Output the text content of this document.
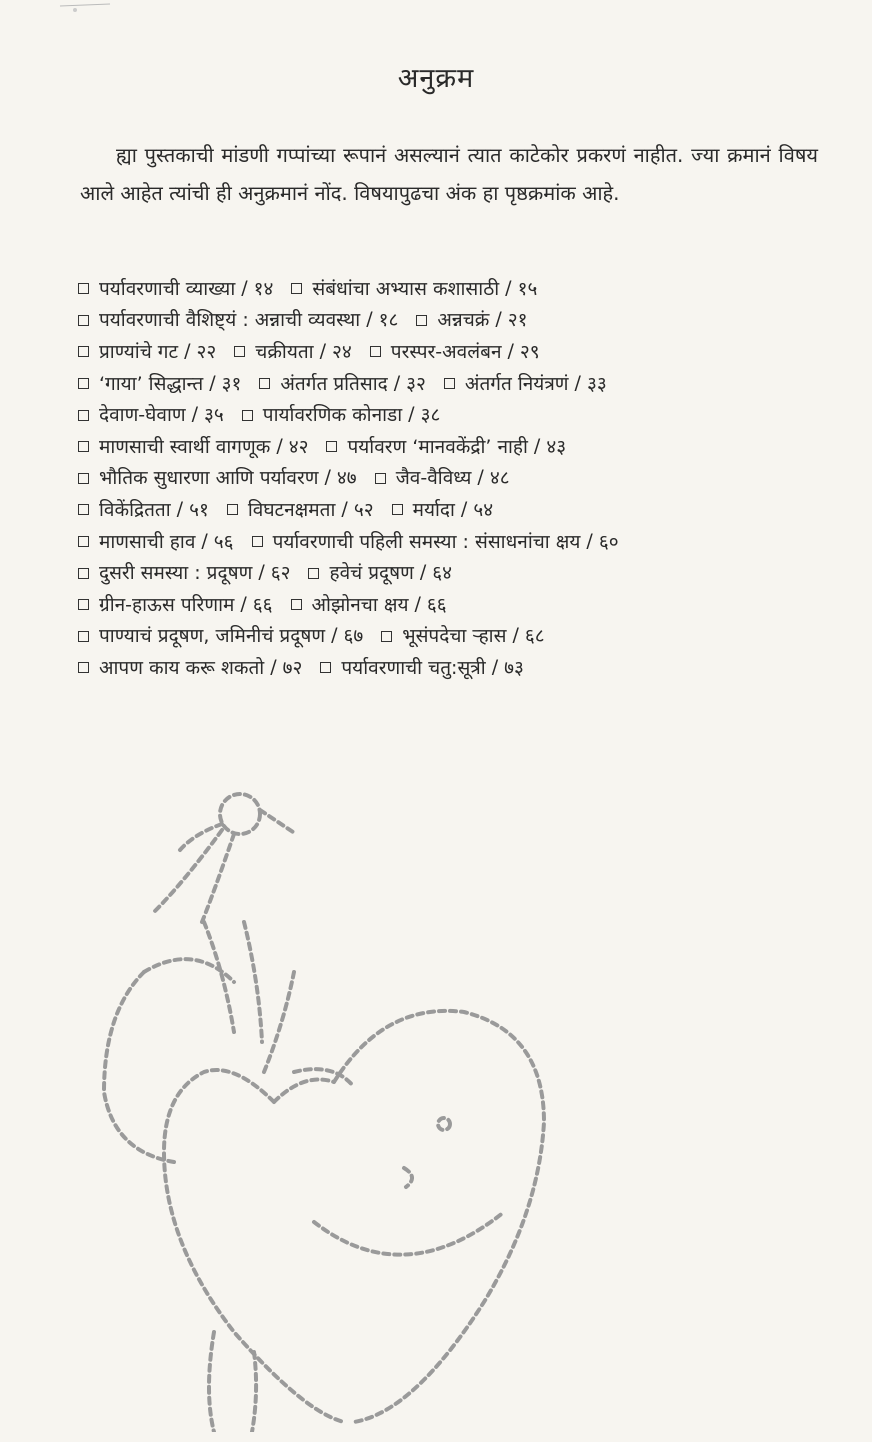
अनुक्रम

ह्या पुस्तकाची मांडणी गप्पांच्या रूपानं असल्यानं त्यात काटेकोर प्रकरणं नाहीत. ज्या क्रमानं विषय आले आहेत त्यांची ही अनुक्रमानं नोंद. विषयापुढचा अंक हा पृष्ठक्रमांक आहे.

पर्यावरणाची व्याख्या / १४ संबंधांचा अभ्यास कशासाठी / १५
पर्यावरणाची वैशिष्ट्यं : अन्नाची व्यवस्था / १८ अन्नचक्रं / २१
प्राण्यांचे गट / २२ चक्रीयता / २४ परस्पर-अवलंबन / २९
‘गाया’ सिद्धान्त / ३१ अंतर्गत प्रतिसाद / ३२ अंतर्गत नियंत्रणं / ३३
देवाण-घेवाण / ३५ पार्यावरणिक कोनाडा / ३८
माणसाची स्वार्थी वागणूक / ४२ पर्यावरण ‘मानवकेंद्री’ नाही / ४३
भौतिक सुधारणा आणि पर्यावरण / ४७ जैव-वैविध्य / ४८
विकेंद्रितता / ५१ विघटनक्षमता / ५२ मर्यादा / ५४
माणसाची हाव / ५६ पर्यावरणाची पहिली समस्या : संसाधनांचा क्षय / ६०
दुसरी समस्या : प्रदूषण / ६२ हवेचं प्रदूषण / ६४
ग्रीन-हाऊस परिणाम / ६६ ओझोनचा क्षय / ६६
पाण्याचं प्रदूषण, जमिनीचं प्रदूषण / ६७ भूसंपदेचा ऱ्हास / ६८
आपण काय करू शकतो / ७२ पर्यावरणाची चतु:सूत्री / ७३
